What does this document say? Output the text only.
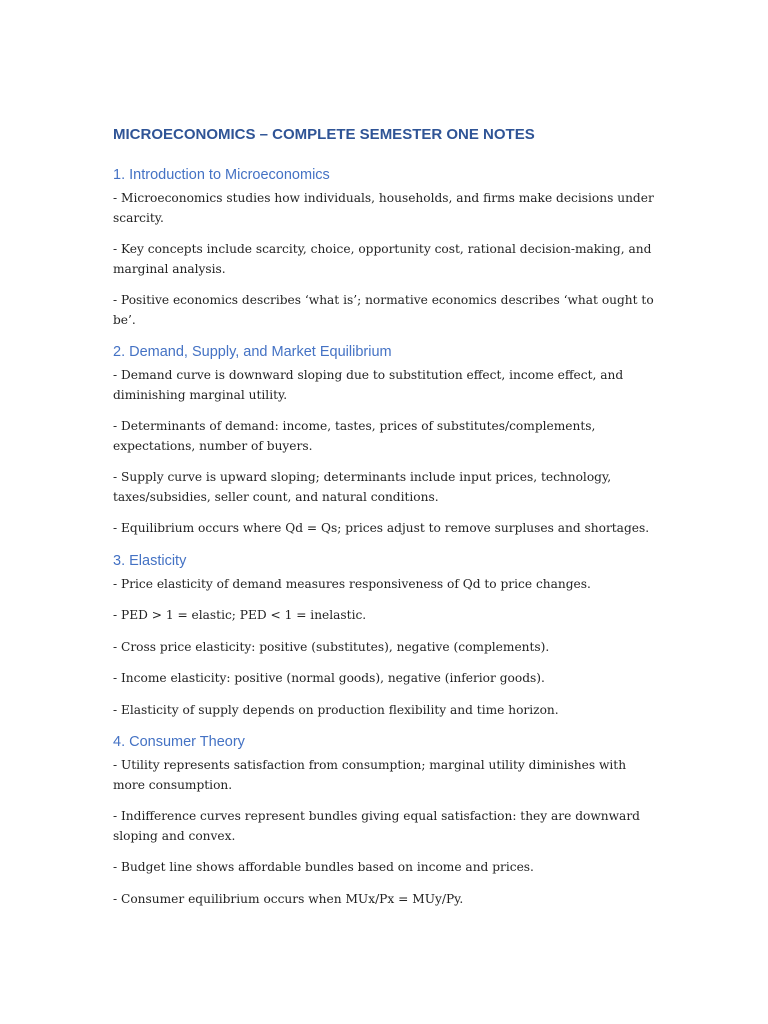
MICROECONOMICS – COMPLETE SEMESTER ONE NOTES
1. Introduction to Microeconomics

- Microeconomics studies how individuals, households, and firms make decisions under scarcity.

- Key concepts include scarcity, choice, opportunity cost, rational decision-making, and marginal analysis.

- Positive economics describes ‘what is’; normative economics describes ‘what ought to be’.

2. Demand, Supply, and Market Equilibrium

- Demand curve is downward sloping due to substitution effect, income effect, and diminishing marginal utility.

- Determinants of demand: income, tastes, prices of substitutes/complements, expectations, number of buyers.

- Supply curve is upward sloping; determinants include input prices, technology, taxes/subsidies, seller count, and natural conditions.

- Equilibrium occurs where Qd = Qs; prices adjust to remove surpluses and shortages.

3. Elasticity

- Price elasticity of demand measures responsiveness of Qd to price changes.

- PED > 1 = elastic; PED < 1 = inelastic.

- Cross price elasticity: positive (substitutes), negative (complements).

- Income elasticity: positive (normal goods), negative (inferior goods).

- Elasticity of supply depends on production flexibility and time horizon.

4. Consumer Theory

- Utility represents satisfaction from consumption; marginal utility diminishes with more consumption.

- Indifference curves represent bundles giving equal satisfaction: they are downward sloping and convex.

- Budget line shows affordable bundles based on income and prices.

- Consumer equilibrium occurs when MUx/Px = MUy/Py.
